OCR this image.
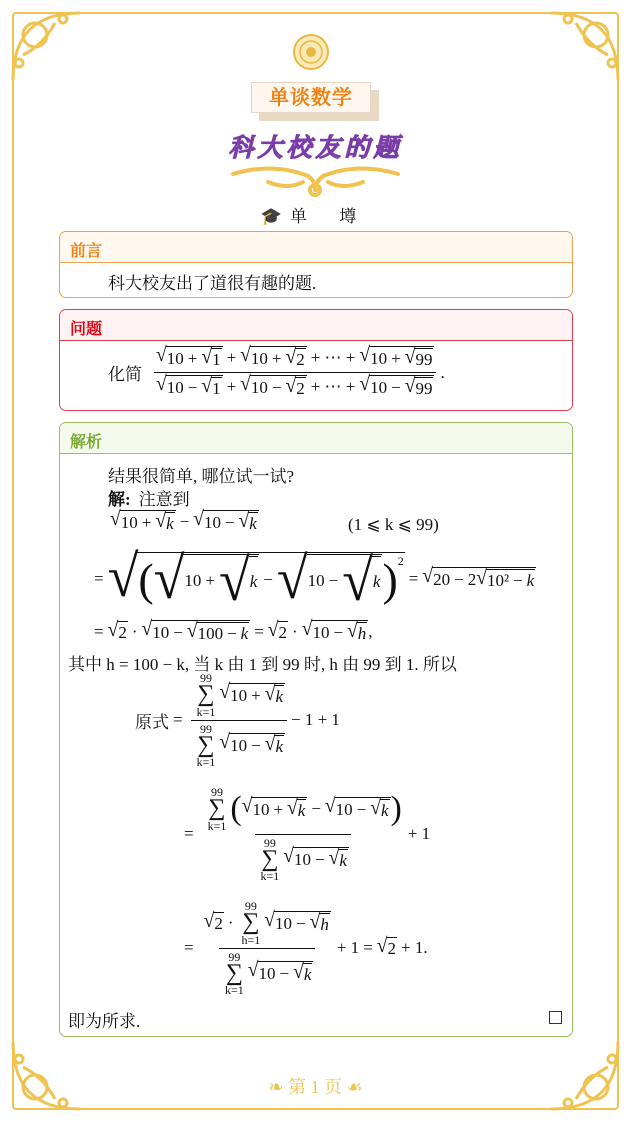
单谈数学
科大校友的题
🎓 单 墫
前言
科大校友出了道很有趣的题.
问题
化简 $\frac{√ 10 + √ 1 + √ 10 + √ 2 + \cdots + √ 10 + √ 99}{√ 10 - √ 1 + √ 10 - √ 2 + \cdots + √ 10 - √ 99}$ .
解析
结果很简单, 哪位试一试?
解: 注意到
√ 10 + √ k − √ 10 − √ k	(1 ⩽ k ⩽ 99)
= √ ( √ 10 + √ k − √ 10 − √ k )$^2$
= √ 20 − 2 √ 10² − k
= √ 2 · √ 10 − √ 100 − k = √ 2 · √ 10 − √ h ,
其中 h = 100 − k, 当 k 由 1 到 99 时, h 由 99 到 1. 所以
原式 = 99
∑
k=1
√ 10 + √ k
99
∑
k=1
√ 10 − √ k − 1 + 1
= 99
∑
k=1 ( √ 10 + √ k − √ 10 − √ k )
99
∑
k=1
√ 10 − √ k + 1
= √ 2 ·
99
∑
h=1
√ 10 − √ h
99
∑
k=1
√ 10 − √ k + 1 = √ 2 + 1 .
即为所求.
❧ 第 1 页 ☙
